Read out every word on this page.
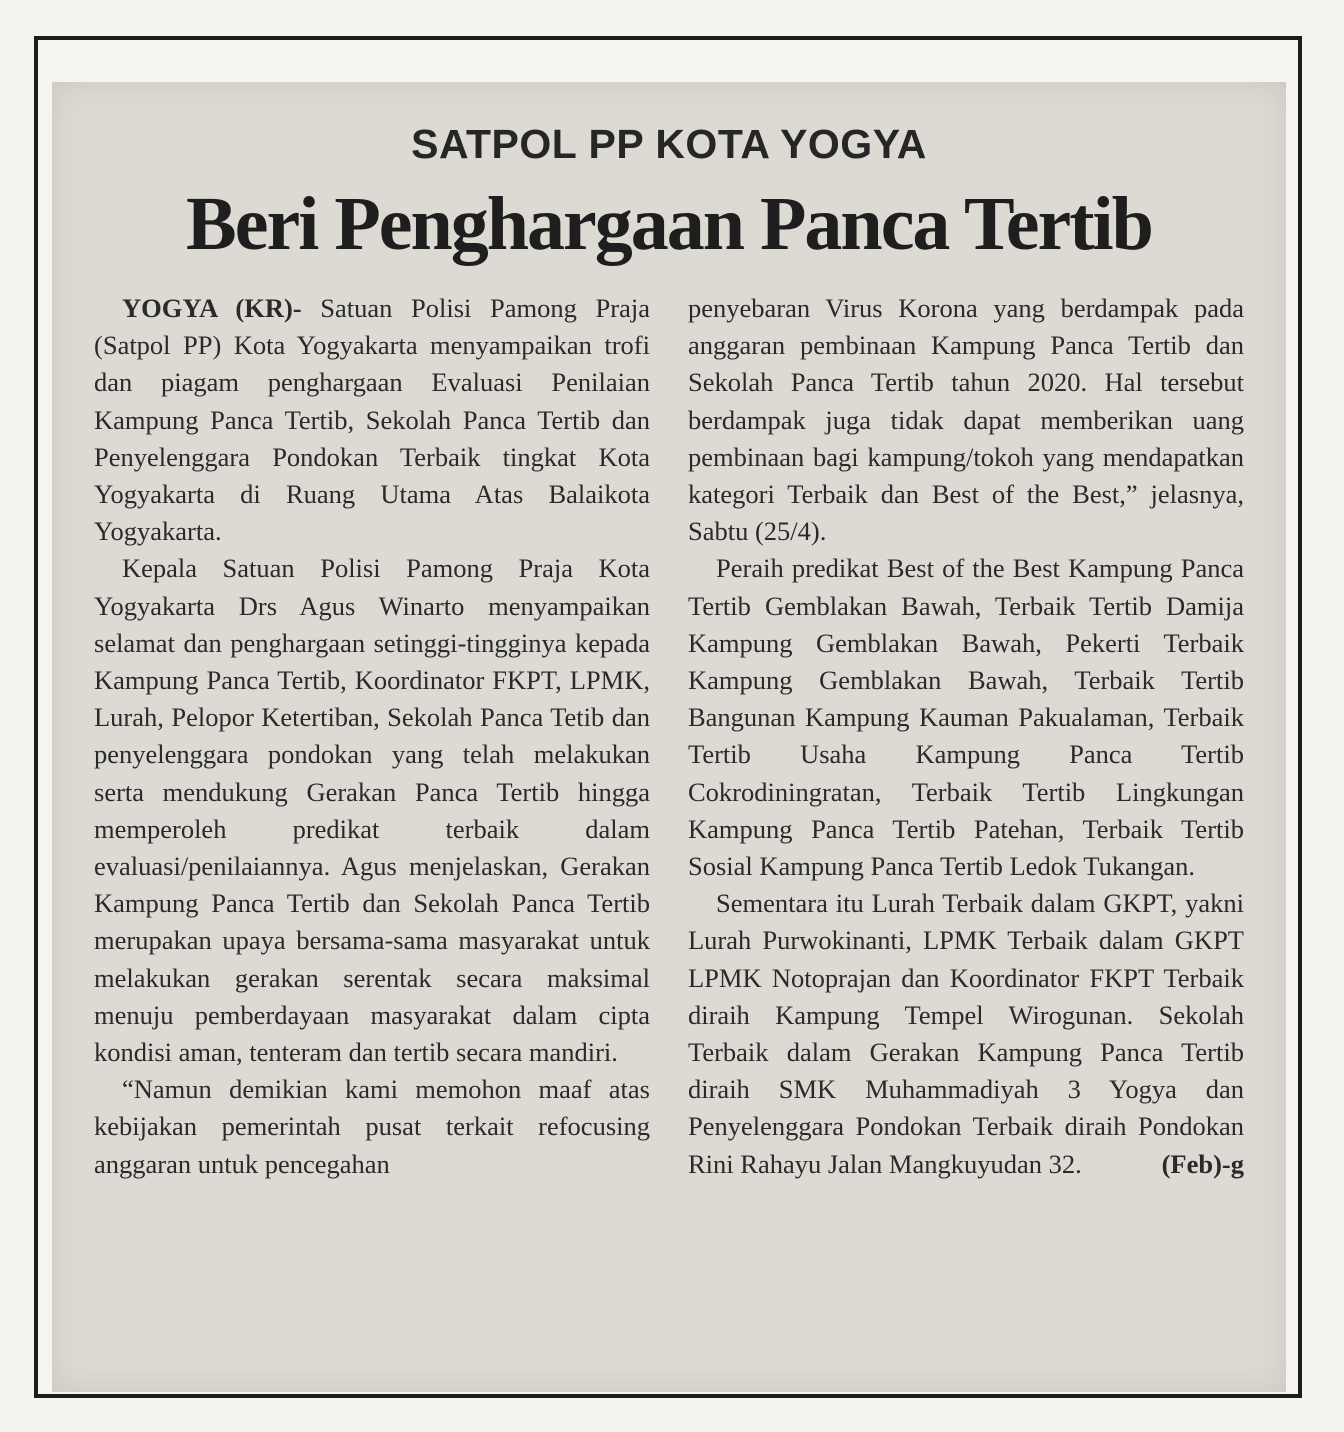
SATPOL PP KOTA YOGYA
Beri Penghargaan Panca Tertib

YOGYA (KR)- Satuan Polisi Pamong Praja (Satpol PP) Kota Yogyakarta menyampaikan trofi dan piagam penghargaan Evaluasi Penilaian Kampung Panca Tertib, Sekolah Panca Tertib dan Penyelenggara Pondokan Terbaik tingkat Kota Yogyakarta di Ruang Utama Atas Balaikota Yogyakarta.

Kepala Satuan Polisi Pamong Praja Kota Yogyakarta Drs Agus Winarto menyampaikan selamat dan penghargaan setinggi-tingginya kepada Kampung Panca Tertib, Koordinator FKPT, LPMK, Lurah, Pelopor Ketertiban, Sekolah Panca Tetib dan penyelenggara pondokan yang telah melakukan serta mendukung Gerakan Panca Tertib hingga memperoleh predikat terbaik dalam evaluasi/penilaiannya. Agus menjelaskan, Gerakan Kampung Panca Tertib dan Sekolah Panca Tertib merupakan upaya bersama-sama masyarakat untuk melakukan gerakan serentak secara maksimal menuju pemberdayaan masyarakat dalam cipta kondisi aman, tenteram dan tertib secara mandiri.

“Namun demikian kami memohon maaf atas kebijakan pemerintah pusat terkait refocusing anggaran untuk pencegahan

penyebaran Virus Korona yang berdampak pada anggaran pembinaan Kampung Panca Tertib dan Sekolah Panca Tertib tahun 2020. Hal tersebut berdampak juga tidak dapat memberikan uang pembinaan bagi kampung/tokoh yang mendapatkan kategori Terbaik dan Best of the Best,” jelasnya, Sabtu (25/4).

Peraih predikat Best of the Best Kampung Panca Tertib Gemblakan Bawah, Terbaik Tertib Damija Kampung Gemblakan Bawah, Pekerti Terbaik Kampung Gemblakan Bawah, Terbaik Tertib Bangunan Kampung Kauman Pakualaman, Terbaik Tertib Usaha Kampung Panca Tertib Cokrodiningratan, Terbaik Tertib Lingkungan Kampung Panca Tertib Patehan, Terbaik Tertib Sosial Kampung Panca Tertib Ledok Tukangan.

Sementara itu Lurah Terbaik dalam GKPT, yakni Lurah Purwokinanti, LPMK Terbaik dalam GKPT LPMK Notoprajan dan Koordinator FKPT Terbaik diraih Kampung Tempel Wirogunan. Sekolah Terbaik dalam Gerakan Kampung Panca Tertib diraih SMK Muhammadiyah 3 Yogya dan Penyelenggara Pondokan Terbaik diraih Pondokan Rini Rahayu Jalan Mangkuyudan 32.	(Feb)-g
